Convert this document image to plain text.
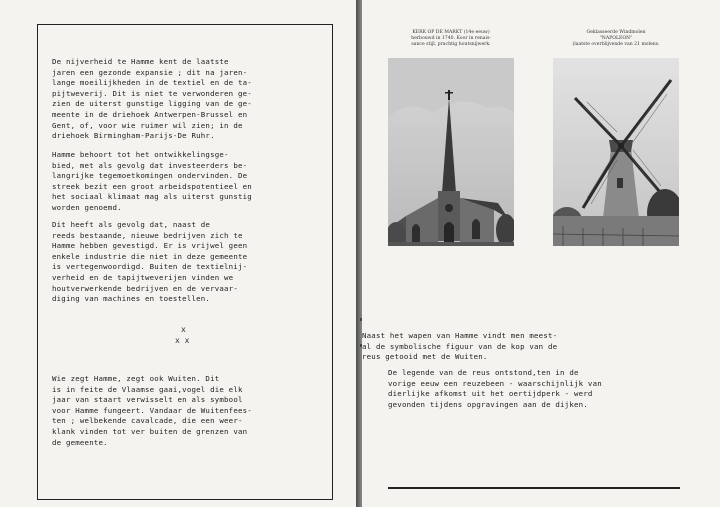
De nijverheid te Hamme kent de laatste
jaren een gezonde expansie ; dit na jaren-
lange moeilijkheden in de textiel en de ta-
pijtweverij. Dit is niet te verwonderen ge-
zien de uiterst gunstige ligging van de ge-
meente in de driehoek Antwerpen-Brussel en
Gent, of, voor wie ruimer wil zien; in de
driehoek Birmingham-Parijs-De Ruhr.

Hamme behoort tot het ontwikkelingsge-
bied, met als gevolg dat investeerders be-
langrijke tegemoetkomingen ondervinden. De
streek bezit een groot arbeidspotentieel en
het sociaal klimaat mag als uiterst gunstig
worden genoemd.

Dit heeft als gevolg dat, naast de
reeds bestaande, nieuwe bedrijven zich te
Hamme hebben gevestigd. Er is vrijwel geen
enkele industrie die niet in deze gemeente
is vertegenwoordigd. Buiten de textielnij-
verheid en de tapijtweverijen vinden we
houtverwerkende bedrijven en de vervaar-
diging van machines en toestellen.

x
x x

Wie zegt Hamme, zegt ook Wuiten. Dit
is in feite de Vlaamse gaai,vogel die elk
jaar van staart verwisselt en als symbool
voor Hamme fungeert. Vandaar de Wuitenfees-
ten ; welbekende cavalcade, die een weer-
klank vinden tot ver buiten de grenzen van
de gemeente.

KERK OP DE MARKT (14e eeuw)
herbouwd in 1740. Koor in renais-
sance stijl, prachtig houtsnijwerk.
Geklasseerde Windmolen
"NAPOLEON"
(laatste overblijvende van 21 molens.

Naast het wapen van Hamme vindt men meest-
al de symbolische figuur van de kop van de
reus getooid met de Wuiten.

De legende van de reus ontstond,ten in de
vorige eeuw een reuzebeen - waarschijnlijk van
dierlijke afkomst uit het oertijdperk - werd
gevonden tijdens opgravingen aan de dijken.
